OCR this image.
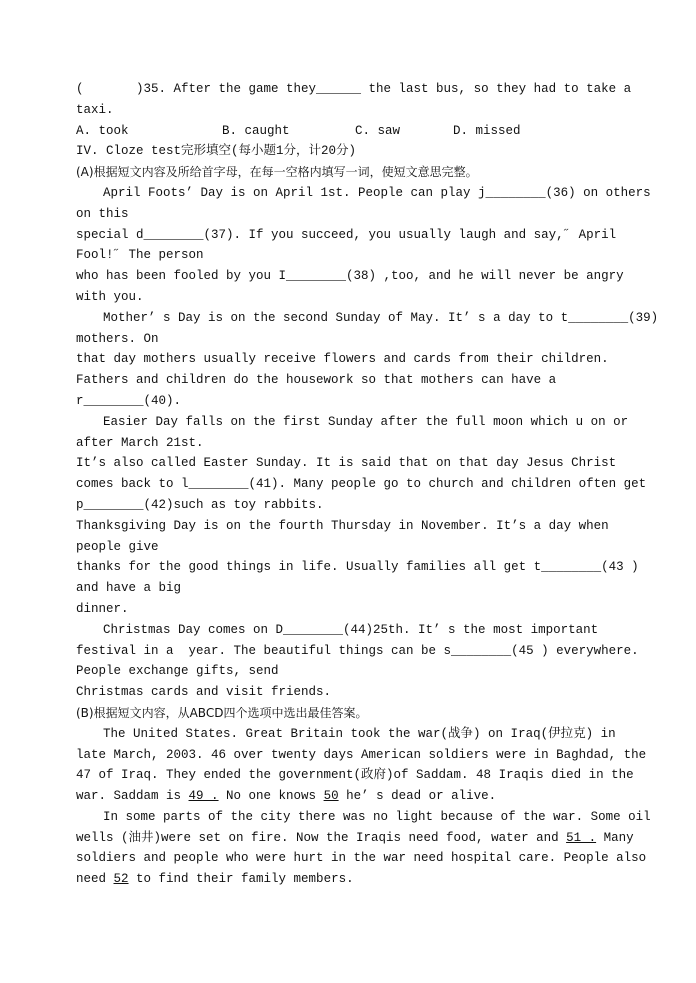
(       )35. After the game they______ the last bus, so they had to take a
taxi.
A. took	B. caught	C. saw	D. missed
IV. Cloze test完形填空(每小题1分，计20分)
(A)根据短文内容及所给首字母，在每一空格内填写一词，使短文意思完整。
April Foots’ Day is on April 1st. People can play j________(36) on others
on this
special d________(37). If you succeed, you usually laugh and say,˝ April
Fool!˝ The person
who has been fooled by you I________(38) ,too, and he will never be angry
with you.
Mother’ s Day is on the second Sunday of May. It’ s a day to t________(39)
mothers. On
that day mothers usually receive flowers and cards from their children.
Fathers and children do the housework so that mothers can have a
r________(40).
Easier Day falls on the first Sunday after the full moon which u on or
after March 21st.
It’s also called Easter Sunday. It is said that on that day Jesus Christ
comes back to l________(41). Many people go to church and children often get
p________(42)such as toy rabbits.
Thanksgiving Day is on the fourth Thursday in November. It’s a day when
people give
thanks for the good things in life. Usually families all get t________(43 )
and have a big
dinner.
Christmas Day comes on D________(44)25th. It’ s the most important
festival in a  year. The beautiful things can be s________(45 ) everywhere.
People exchange gifts, send
Christmas cards and visit friends.
(B)根据短文内容，从ABCD四个选项中选出最佳答案。
The United States. Great Britain took the war(战争) on Iraq(伊拉克) in
late March, 2003. 46 over twenty days American soldiers were in Baghdad, the
47 of Iraq. They ended the government(政府)of Saddam. 48 Iraqis died in the
war. Saddam is 49 . No one knows 50 he’ s dead or alive.
In some parts of the city there was no light because of the war. Some oil
wells (油井)were set on fire. Now the Iraqis need food, water and 51 . Many
soldiers and people who were hurt in the war need hospital care. People also
need 52 to find their family members.
